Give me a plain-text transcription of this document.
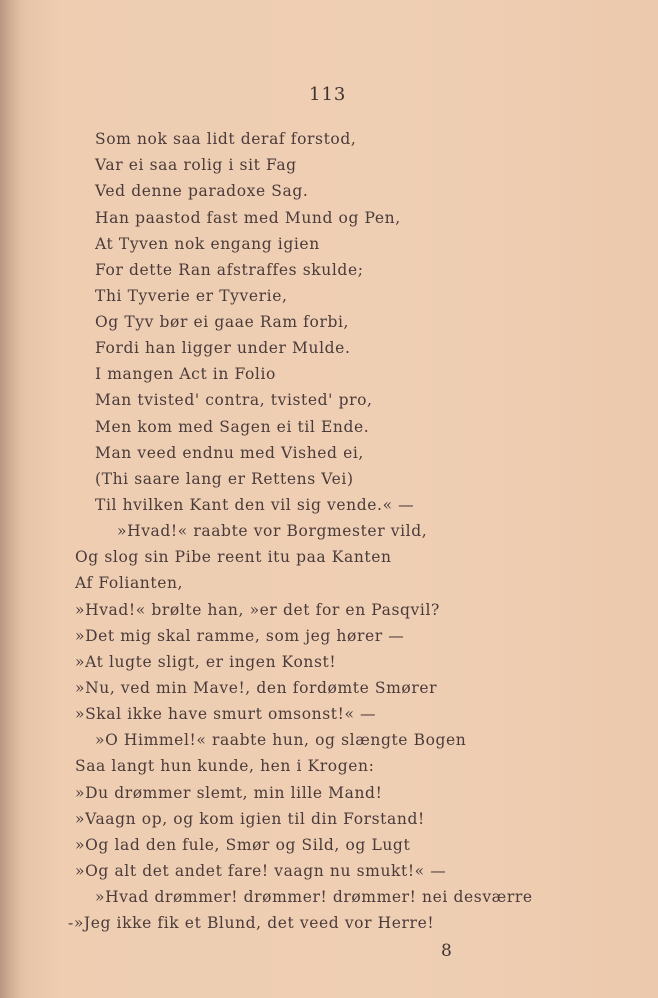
113
Som nok saa lidt deraf forstod,
Var ei saa rolig i sit Fag
Ved denne paradoxe Sag.
Han paastod fast med Mund og Pen,
At Tyven nok engang igien
For dette Ran afstraffes skulde;
Thi Tyverie er Tyverie,
Og Tyv bør ei gaae Ram forbi,
Fordi han ligger under Mulde.
I mangen Act in Folio
Man tvisted' contra, tvisted' pro,
Men kom med Sagen ei til Ende.
Man veed endnu med Vished ei,
(Thi saare lang er Rettens Vei)
Til hvilken Kant den vil sig vende.« —
»Hvad!« raabte vor Borgmester vild,
Og slog sin Pibe reent itu paa Kanten
Af Folianten,
»Hvad!« brølte han, »er det for en Pasqvil?
»Det mig skal ramme, som jeg hører —
»At lugte sligt, er ingen Konst!
»Nu, ved min Mave!, den fordømte Smører
»Skal ikke have smurt omsonst!« —
»O Himmel!« raabte hun, og slængte Bogen
Saa langt hun kunde, hen i Krogen:
»Du drømmer slemt, min lille Mand!
»Vaagn op, og kom igien til din Forstand!
»Og lad den fule, Smør og Sild, og Lugt
»Og alt det andet fare! vaagn nu smukt!« —
»Hvad drømmer! drømmer! drømmer! nei desværre
-»Jeg ikke fik et Blund, det veed vor Herre!
8
